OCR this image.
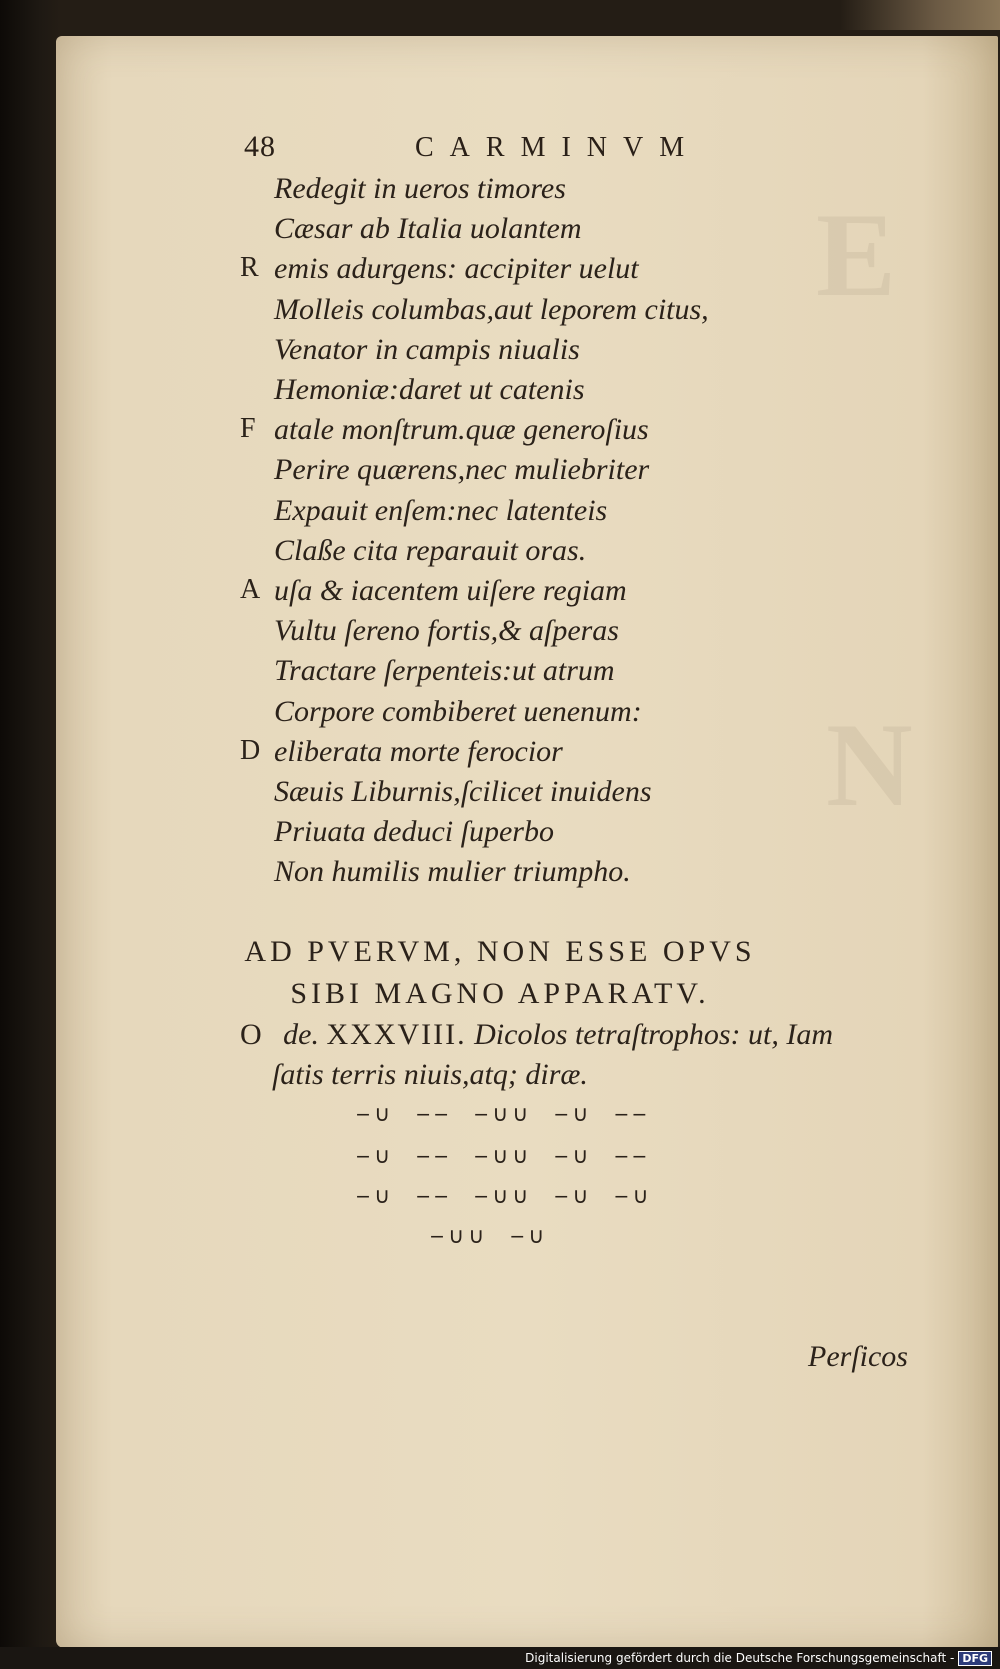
E
N
48	CARMINVM
Redegit in ueros timores
Cæsar ab Italia uolantem
R emis adurgens: accipiter uelut
Molleis columbas,aut leporem citus,
Venator in campis niualis
Hemoniæ:daret ut catenis
F atale monſtrum.quæ generoſius
Perire quærens,nec muliebriter
Expauit enſem:nec latenteis
Claße cita reparauit oras.
A uſa & iacentem uiſere regiam
Vultu ſereno fortis,& aſperas
Tractare ſerpenteis:ut atrum
Corpore combiberet uenenum:
D eliberata morte ferocior
Sæuis Liburnis,ſcilicet inuidens
Priuata deduci ſuperbo
Non humilis mulier triumpho.
AD PVERVM, NON ESSE OPVS
SIBI MAGNO APPARATV.
O de. XXXVIII. Dicolos tetraſtrophos: ut, Iam
ſatis terris niuis,atq; diræ.
‒∪  ‒‒  ‒∪∪  ‒∪  ‒‒
‒∪  ‒‒  ‒∪∪  ‒∪  ‒‒
‒∪  ‒‒  ‒∪∪  ‒∪  ‒∪
‒∪∪  ‒∪
Perſicos
Digitalisierung gefördert durch die Deutsche Forschungsgemeinschaft - DFG
